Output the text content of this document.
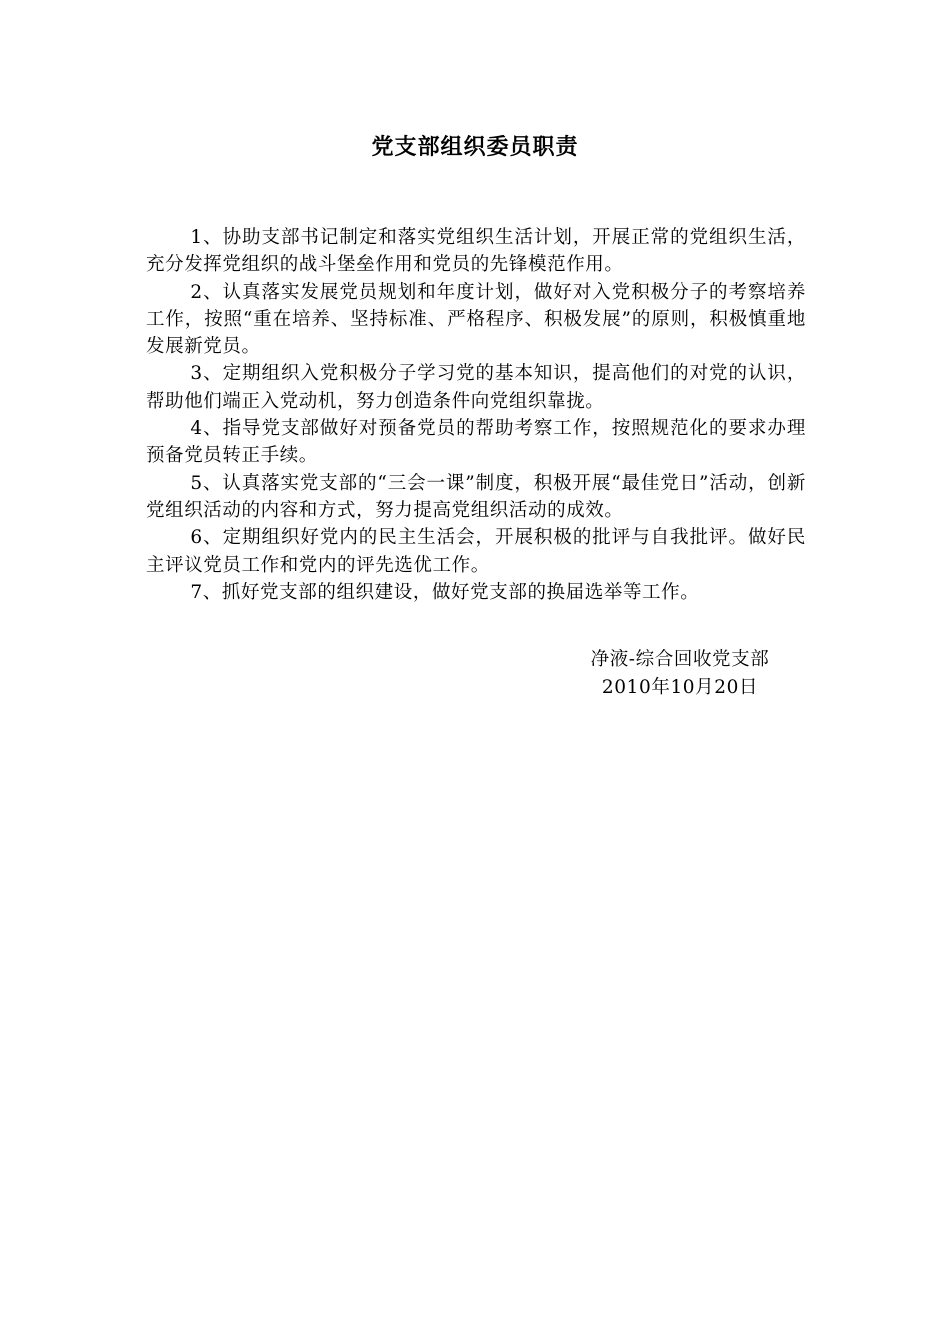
党支部组织委员职责

1、协助支部书记制定和落实党组织生活计划，开展正常的党组织生活，充分发挥党组织的战斗堡垒作用和党员的先锋模范作用。

2、认真落实发展党员规划和年度计划，做好对入党积极分子的考察培养工作，按照“重在培养、坚持标准、严格程序、积极发展”的原则，积极慎重地发展新党员。

3、定期组织入党积极分子学习党的基本知识，提高他们的对党的认识，帮助他们端正入党动机，努力创造条件向党组织靠拢。

4、指导党支部做好对预备党员的帮助考察工作，按照规范化的要求办理预备党员转正手续。

5、认真落实党支部的“三会一课”制度，积极开展“最佳党日”活动，创新党组织活动的内容和方式，努力提高党组织活动的成效。

6、定期组织好党内的民主生活会，开展积极的批评与自我批评。做好民主评议党员工作和党内的评先选优工作。

7、抓好党支部的组织建设，做好党支部的换届选举等工作。

净液-综合回收党支部
2010年10月20日
